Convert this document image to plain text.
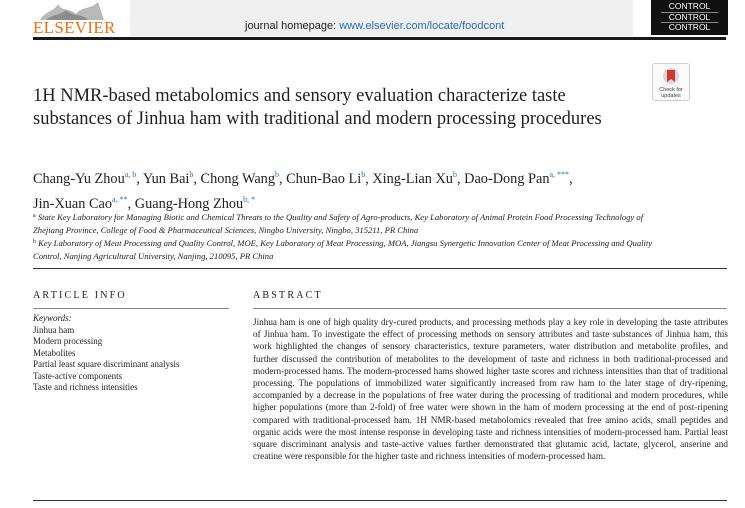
ELSEVIER	journal homepage: www.elsevier.com/locate/foodcont
CONTROL
CONTROL
CONTROL
Check for
updates
1H NMR-based metabolomics and sensory evaluation characterize taste substances of Jinhua ham with traditional and modern processing procedures
Chang-Yu Zhou$^{a, b}$, Yun Bai$^b$, Chong Wang$^b$, Chun-Bao Li$^b$, Xing-Lian Xu$^b$, Dao-Dong Pan$^{a, ***}$,
Jin-Xuan Cao$^{a, **}$, Guang-Hong Zhou$^{b, *}$
$^a$ State Key Laboratory for Managing Biotic and Chemical Threats to the Quality and Safety of Agro-products, Key Laboratory of Animal Protein Food Processing Technology of Zhejiang Province, College of Food & Pharmaceutical Sciences, Ningbo University, Ningbo, 315211, PR China
$^b$ Key Laboratory of Meat Processing and Quality Control, MOE, Key Laboratory of Meat Processing, MOA, Jiangsu Synergetic Innovation Center of Meat Processing and Quality Control, Nanjing Agricultural University, Nanjing, 210095, PR China
ARTICLE INFO
Keywords:
Jinhua ham
Modern processing
Metabolites
Partial least square discriminant analysis
Taste-active components
Taste and richness intensities
ABSTRACT

Jinhua ham is one of high quality dry-cured products, and processing methods play a key role in developing the taste attributes of Jinhua ham. To investigate the effect of processing methods on sensory attributes and taste substances of Jinhua ham, this work highlighted the changes of sensory characteristics, texture parameters, water distribution and metabolite profiles, and further discussed the contribution of metabolites to the development of taste and richness in both traditional-processed and modern-processed hams. The modern-processed hams showed higher taste scores and richness intensities than that of traditional processing. The populations of immobilized water significantly increased from raw ham to the later stage of dry-ripening, accompanied by a decrease in the populations of free water during the processing of traditional and modern procedures, while higher populations (more than 2-fold) of free water were shown in the ham of modern processing at the end of post-ripening compared with traditional-processed ham. 1H NMR-based metabolomics revealed that free amino acids, small peptides and organic acids were the most intense response in developing taste and richness intensities of modern-processed ham. Partial least square discriminant analysis and taste-active values further demonstrated that glutamic acid, lactate, glycerol, anserine and creatine were responsible for the higher taste and richness intensities of modern-processed ham.
